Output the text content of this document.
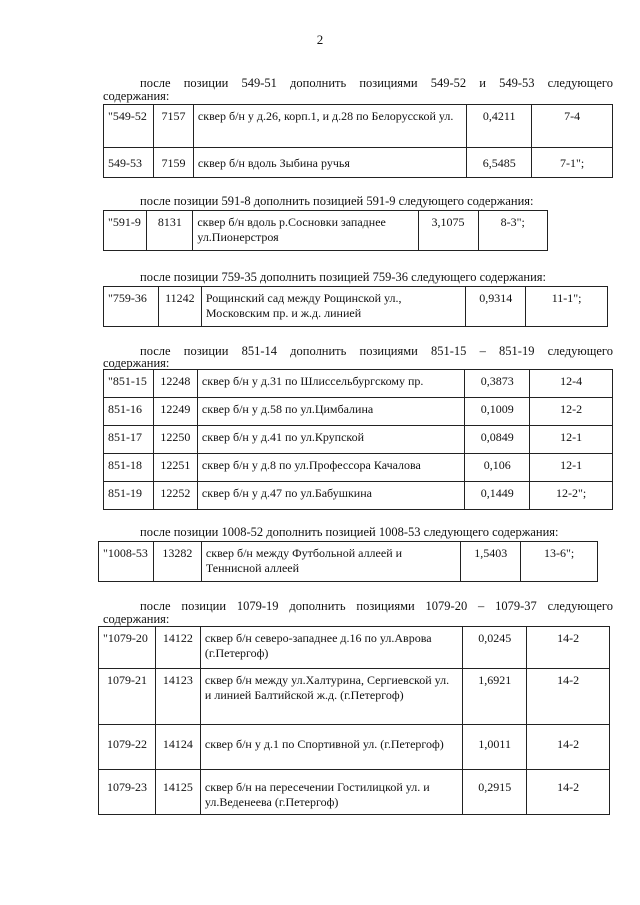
2
после позиции 549-51 дополнить позициями 549-52 и 549-53 следующего
содержания:
"549-52	7157	сквер б/н у д.26, корп.1, и д.28 по Белорусской ул.	0,4211	7-4
549-53	7159	сквер б/н вдоль Зыбина ручья	6,5485	7-1";
после позиции 591-8 дополнить позицией 591-9 следующего содержания:
"591-9	8131	сквер б/н вдоль р.Сосновки западнее ул.Пионерстроя	3,1075	8-3";
после позиции 759-35 дополнить позицией 759-36 следующего содержания:
"759-36	11242	Рощинский сад между Рощинской ул., Московским пр. и ж.д. линией	0,9314	11-1";
после позиции 851-14 дополнить позициями 851-15 – 851-19 следующего
содержания:
"851-15	12248	сквер б/н у д.31 по Шлиссельбургскому пр.	0,3873	12-4
851-16	12249	сквер б/н у д.58 по ул.Цимбалина	0,1009	12-2
851-17	12250	сквер б/н у д.41 по ул.Крупской	0,0849	12-1
851-18	12251	сквер б/н у д.8 по ул.Профессора Качалова	0,106	12-1
851-19	12252	сквер б/н у д.47 по ул.Бабушкина	0,1449	12-2";
после позиции 1008-52 дополнить позицией 1008-53 следующего содержания:
"1008-53	13282	сквер б/н между Футбольной аллеей и Теннисной аллеей	1,5403	13-6";
после позиции 1079-19 дополнить позициями 1079-20 – 1079-37 следующего
содержания:
"1079-20	14122	сквер б/н северо-западнее д.16 по ул.Аврова (г.Петергоф)	0,0245	14-2
1079-21	14123	сквер б/н между ул.Халтурина, Сергиевской ул. и линией Балтийской ж.д. (г.Петергоф)	1,6921	14-2
1079-22	14124	сквер б/н у д.1 по Спортивной ул. (г.Петергоф)	1,0011	14-2
1079-23	14125	сквер б/н на пересечении Гостилицкой ул. и ул.Веденеева (г.Петергоф)	0,2915	14-2
